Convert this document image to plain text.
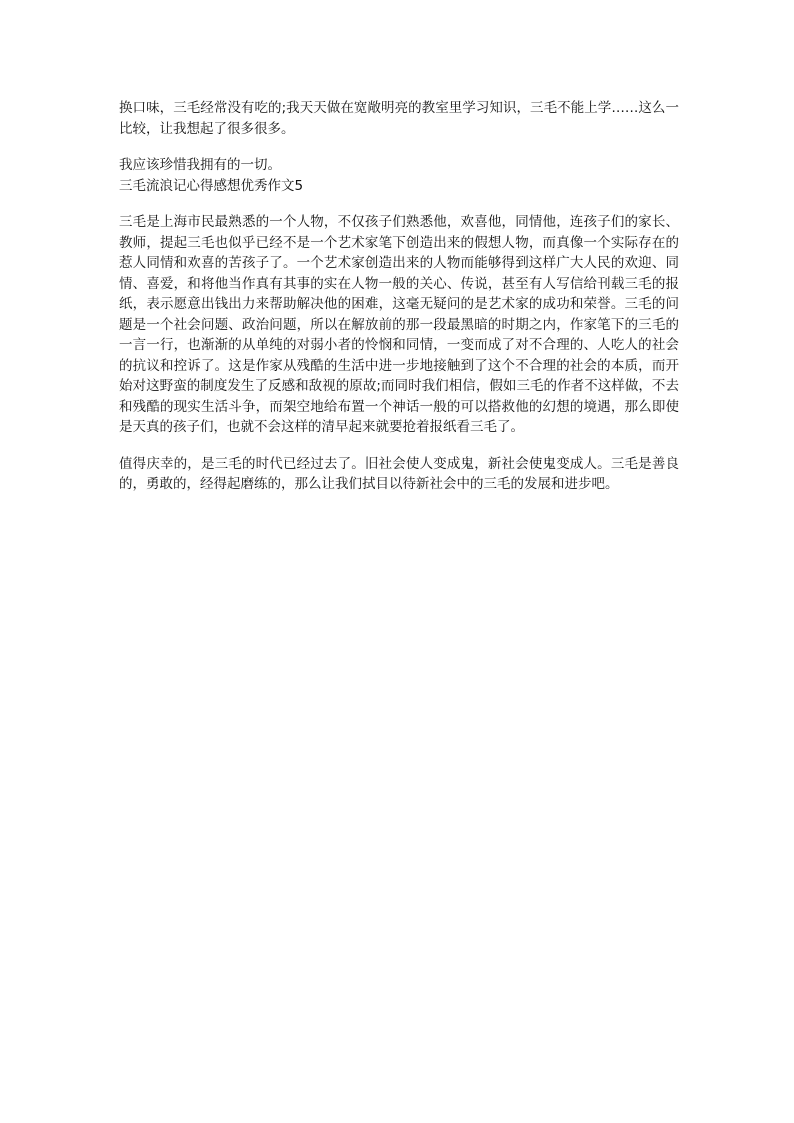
换口味，三毛经常没有吃的;我天天做在宽敞明亮的教室里学习知识，三毛不能上学……这么一比较，让我想起了很多很多。

我应该珍惜我拥有的一切。

三毛流浪记心得感想优秀作文5

三毛是上海市民最熟悉的一个人物，不仅孩子们熟悉他，欢喜他，同情他，连孩子们的家长、教师，提起三毛也似乎已经不是一个艺术家笔下创造出来的假想人物，而真像一个实际存在的惹人同情和欢喜的苦孩子了。一个艺术家创造出来的人物而能够得到这样广大人民的欢迎、同情、喜爱，和将他当作真有其事的实在人物一般的关心、传说，甚至有人写信给刊载三毛的报纸，表示愿意出钱出力来帮助解决他的困难，这毫无疑问的是艺术家的成功和荣誉。三毛的问题是一个社会问题、政治问题，所以在解放前的那一段最黑暗的时期之内，作家笔下的三毛的一言一行，也渐渐的从单纯的对弱小者的怜悯和同情，一变而成了对不合理的、人吃人的社会的抗议和控诉了。这是作家从残酷的生活中进一步地接触到了这个不合理的社会的本质，而开始对这野蛮的制度发生了反感和敌视的原故;而同时我们相信，假如三毛的作者不这样做，不去和残酷的现实生活斗争，而架空地给布置一个神话一般的可以搭救他的幻想的境遇，那么即使是天真的孩子们，也就不会这样的清早起来就要抢着报纸看三毛了。

值得庆幸的，是三毛的时代已经过去了。旧社会使人变成鬼，新社会使鬼变成人。三毛是善良的，勇敢的，经得起磨练的，那么让我们拭目以待新社会中的三毛的发展和进步吧。
